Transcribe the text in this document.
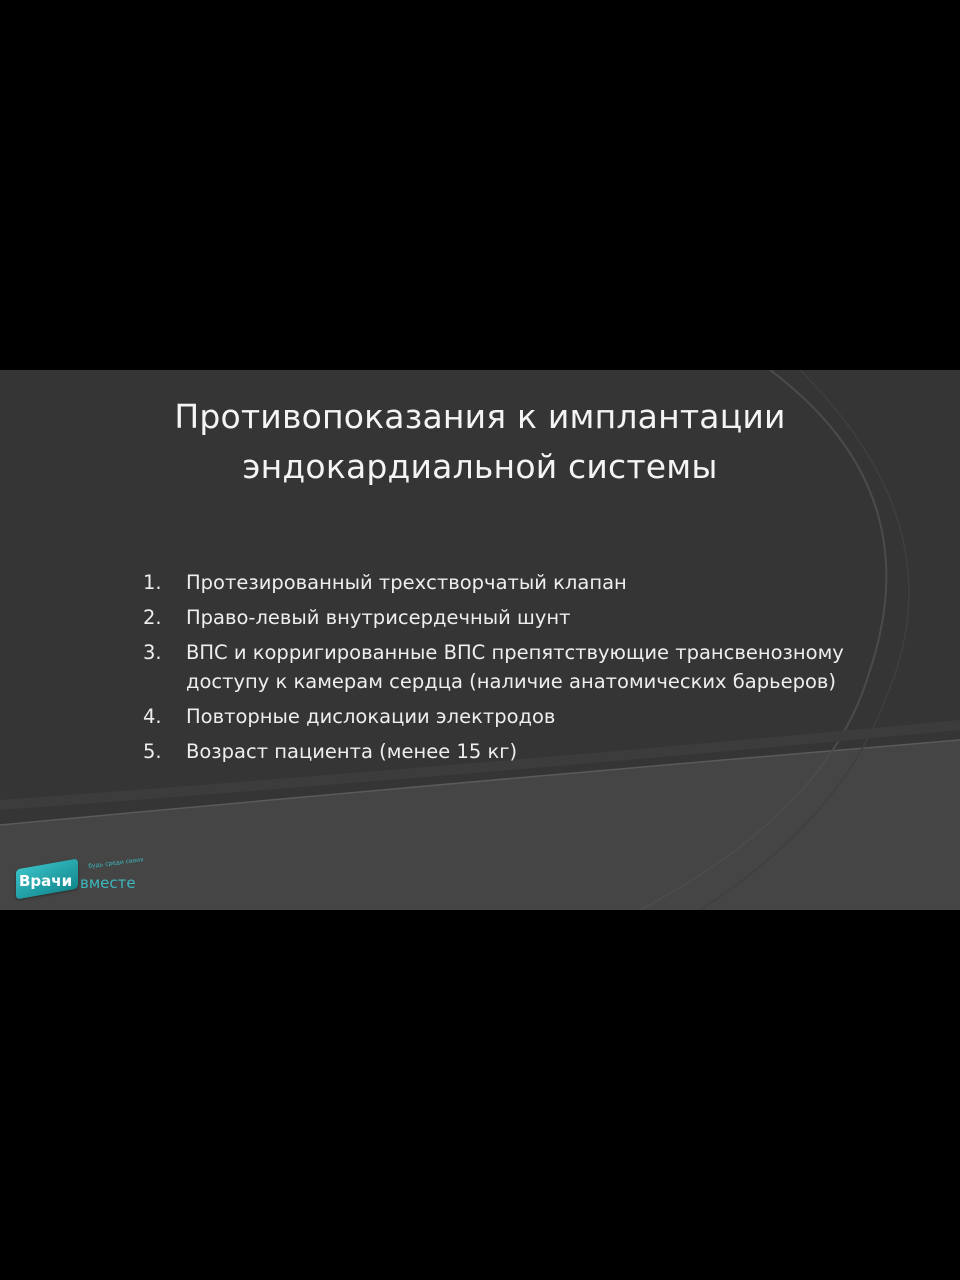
Противопоказания к имплантации
эндокардиальной системы
1. Протезированный трехстворчатый клапан
2. Право-левый внутрисердечный шунт
3. ВПС и корригированные ВПС препятствующие трансвенозному
доступу к камерам сердца (наличие анатомических барьеров)
4. Повторные дислокации электродов
5. Возраст пациента (менее 15 кг)
Врачи вместе
будь среди своих
